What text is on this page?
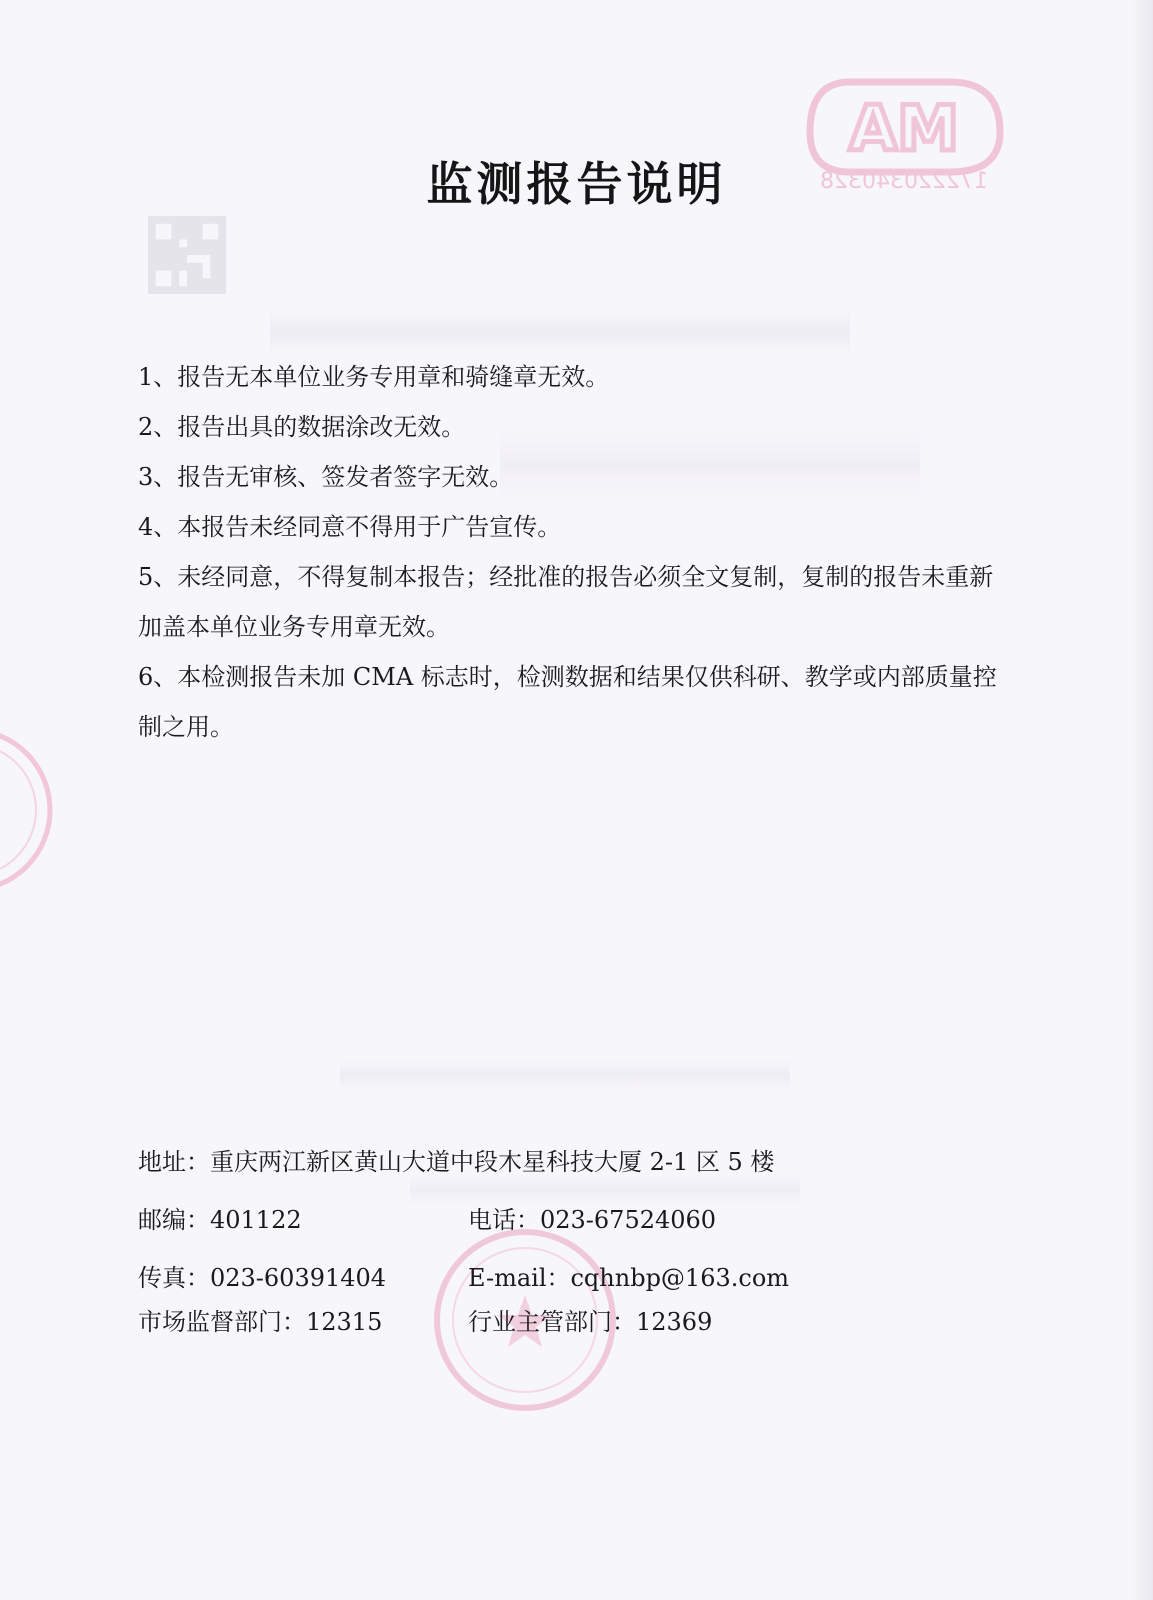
MA
172220340328
监测报告说明

1、报告无本单位业务专用章和骑缝章无效。

2、报告出具的数据涂改无效。

3、报告无审核、签发者签字无效。

4、本报告未经同意不得用于广告宣传。

5、未经同意，不得复制本报告；经批准的报告必须全文复制，复制的报告未重新加盖本单位业务专用章无效。

6、本检测报告未加 CMA 标志时，检测数据和结果仅供科研、教学或内部质量控制之用。

地址：重庆两江新区黄山大道中段木星科技大厦 2-1 区 5 楼
邮编：401122	电话：023-67524060
传真：023-60391404	E-mail：cqhnbp@163.com
市场监督部门：12315	行业主管部门：12369
